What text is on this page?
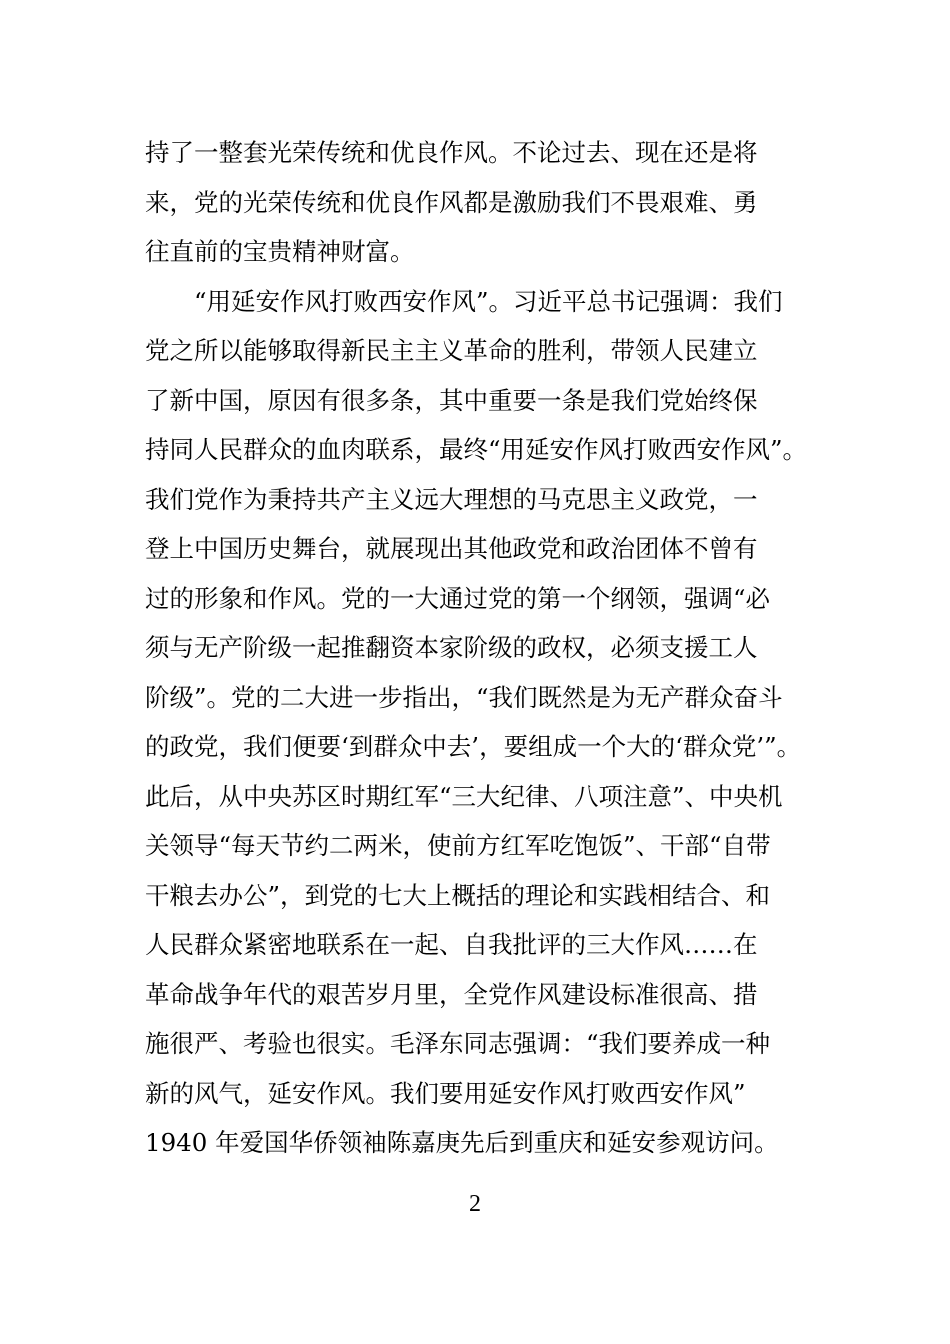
持了一整套光荣传统和优良作风。不论过去、现在还是将

来，党的光荣传统和优良作风都是激励我们不畏艰难、勇

往直前的宝贵精神财富。

“用延安作风打败西安作风”。习近平总书记强调：我们

党之所以能够取得新民主主义革命的胜利，带领人民建立

了新中国，原因有很多条，其中重要一条是我们党始终保

持同人民群众的血肉联系，最终“用延安作风打败西安作风”。

我们党作为秉持共产主义远大理想的马克思主义政党，一

登上中国历史舞台，就展现出其他政党和政治团体不曾有

过的形象和作风。党的一大通过党的第一个纲领，强调“必

须与无产阶级一起推翻资本家阶级的政权，必须支援工人

阶级”。党的二大进一步指出，“我们既然是为无产群众奋斗

的政党，我们便要‘到群众中去’，要组成一个大的‘群众党’”。

此后，从中央苏区时期红军“三大纪律、八项注意”、中央机

关领导“每天节约二两米，使前方红军吃饱饭”、干部“自带

干粮去办公”，到党的七大上概括的理论和实践相结合、和

人民群众紧密地联系在一起、自我批评的三大作风……在

革命战争年代的艰苦岁月里，全党作风建设标准很高、措

施很严、考验也很实。毛泽东同志强调：“我们要养成一种

新的风气，延安作风。我们要用延安作风打败西安作风”

1940 年爱国华侨领袖陈嘉庚先后到重庆和延安参观访问。

2
